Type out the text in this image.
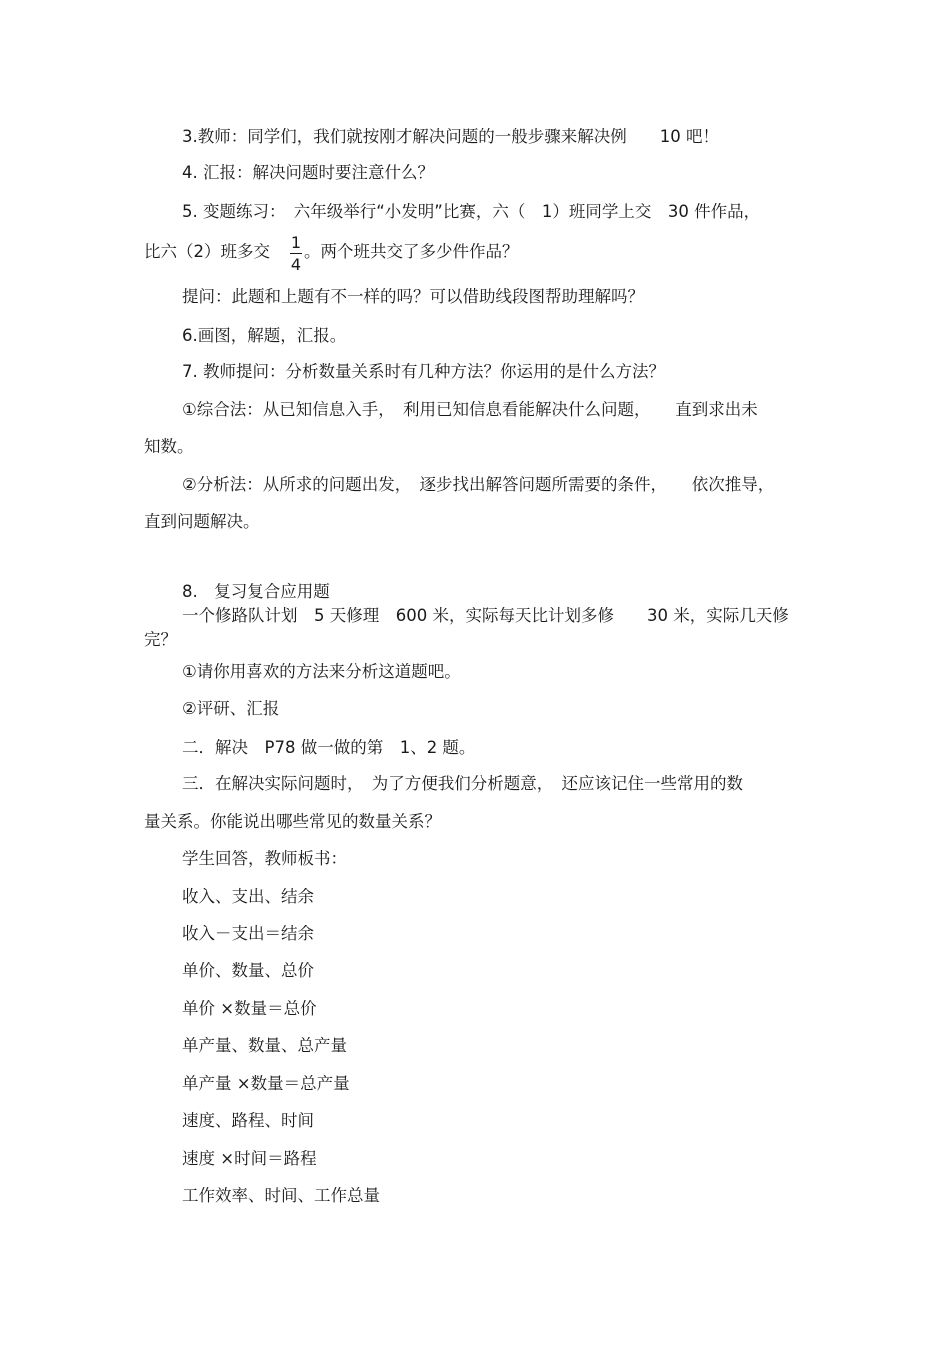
3.教师：同学们，我们就按刚才解决问题的一般步骤来解决例　　10 吧！
4. 汇报：解决问题时要注意什么？
5. 变题练习：　六年级举行“小发明”比赛，六（　1）班同学上交　30 件作品，
比六（2）班多交 1
4
。两个班共交了多少件作品？
提问：此题和上题有不一样的吗？可以借助线段图帮助理解吗？
6.画图，解题，汇报。
7. 教师提问：分析数量关系时有几种方法？你运用的是什么方法？
①综合法：从已知信息入手，　利用已知信息看能解决什么问题，　　直到求出未
知数。
②分析法：从所求的问题出发，　逐步找出解答问题所需要的条件，　　依次推导，
直到问题解决。
8.　复习复合应用题
一个修路队计划　5 天修理　600 米，实际每天比计划多修　　30 米，实际几天修
完？
①请你用喜欢的方法来分析这道题吧。
②评研、汇报
二．解决　P78 做一做的第　1、2 题。
三．在解决实际问题时，　为了方便我们分析题意，　还应该记住一些常用的数
量关系。你能说出哪些常见的数量关系？
学生回答，教师板书：
收入、支出、结余
收入－支出＝结余
单价、数量、总价
单价 ×数量＝总价
单产量、数量、总产量
单产量 ×数量＝总产量
速度、路程、时间
速度 ×时间＝路程
工作效率、时间、工作总量
